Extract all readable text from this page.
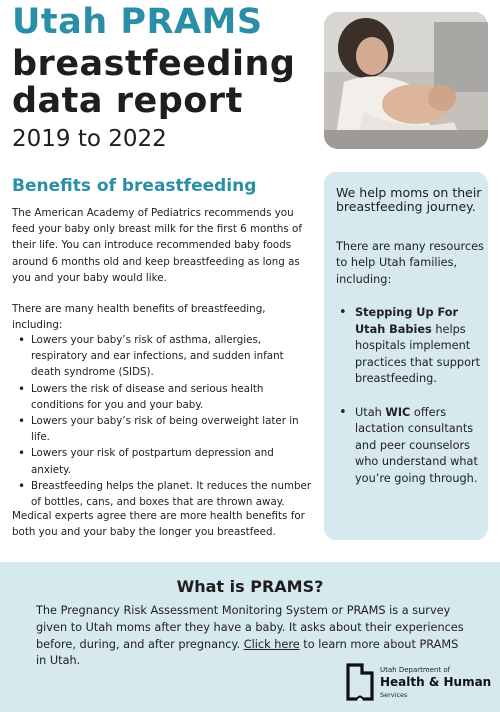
Utah PRAMS
breastfeeding
data report
2019 to 2022
Benefits of breastfeeding

The American Academy of Pediatrics recommends you feed your baby only breast milk for the first 6 months of their life. You can introduce recommended baby foods around 6 months old and keep breastfeeding as long as you and your baby would like.

There are many health benefits of breastfeeding, including:

• Lowers your baby’s risk of asthma, allergies, respiratory and ear infections, and sudden infant death syndrome (SIDS).
• Lowers the risk of disease and serious health conditions for you and your baby.
• Lowers your baby’s risk of being overweight later in life.
• Lowers your risk of postpartum depression and anxiety.
• Breastfeeding helps the planet. It reduces the number of bottles, cans, and boxes that are thrown away.

Medical experts agree there are more health benefits for both you and your baby the longer you breastfeed.

We help moms on their breastfeeding journey.

There are many resources to help Utah families, including:

• Stepping Up For Utah Babies helps hospitals implement practices that support breastfeeding.
• Utah WIC offers lactation consultants and peer counselors who understand what you’re going through.
What is PRAMS?

The Pregnancy Risk Assessment Monitoring System or PRAMS is a survey given to Utah moms after they have a baby. It asks about their experiences before, during, and after pregnancy. Click here to learn more about PRAMS in Utah.

Utah Department of
Health & Human
Services
